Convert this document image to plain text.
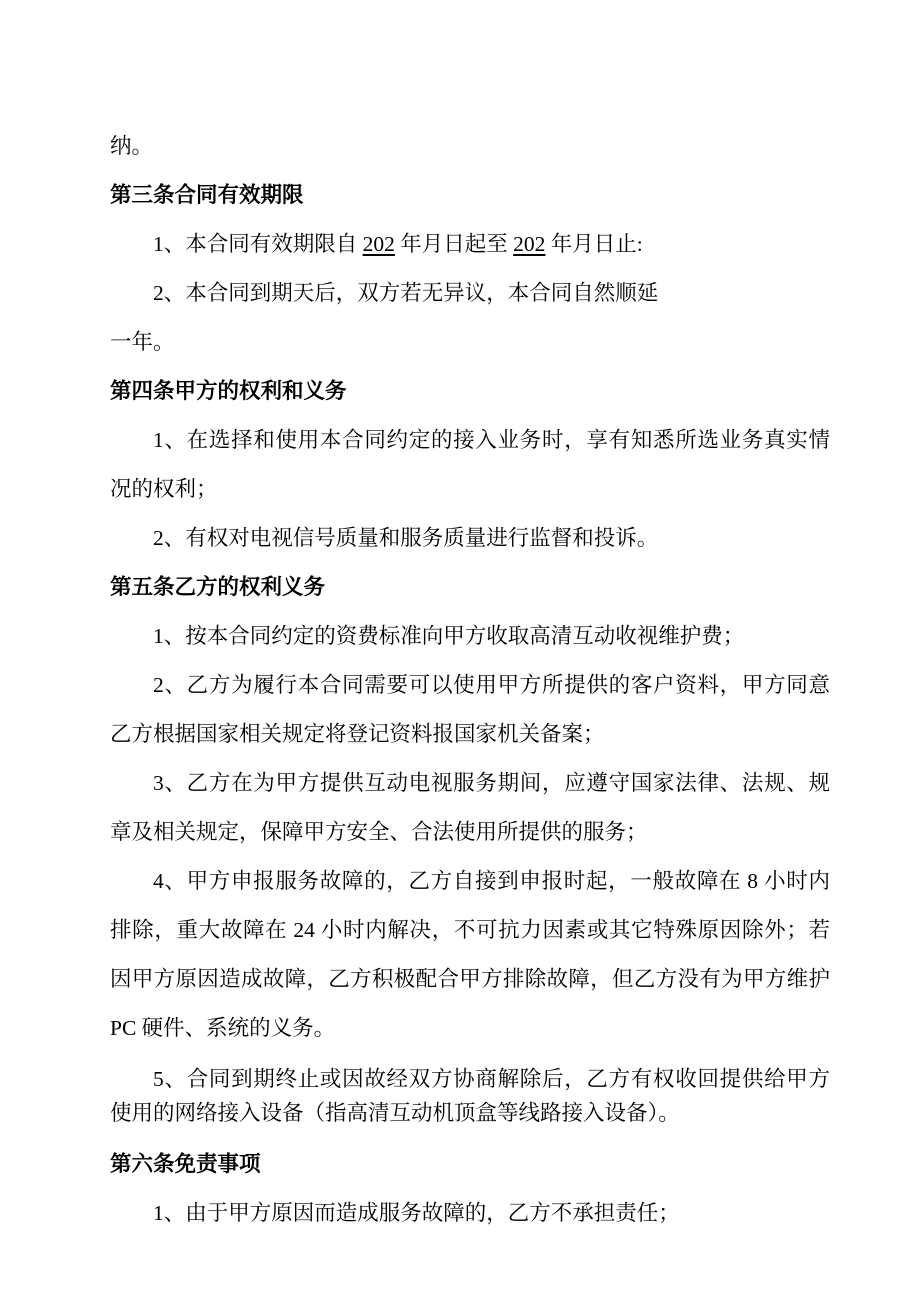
纳。

第三条合同有效期限

1、本合同有效期限自 202 年月日起至 202 年月日止:

2、本合同到期天后，双方若无异议，本合同自然顺延

一年。

第四条甲方的权利和义务

1、在选择和使用本合同约定的接入业务时，享有知悉所选业务真实情况的权利；

2、有权对电视信号质量和服务质量进行监督和投诉。

第五条乙方的权利义务

1、按本合同约定的资费标准向甲方收取高清互动收视维护费；

2、乙方为履行本合同需要可以使用甲方所提供的客户资料，甲方同意乙方根据国家相关规定将登记资料报国家机关备案；

3、乙方在为甲方提供互动电视服务期间，应遵守国家法律、法规、规章及相关规定，保障甲方安全、合法使用所提供的服务；

4、甲方申报服务故障的，乙方自接到申报时起，一般故障在 8 小时内排除，重大故障在 24 小时内解决，不可抗力因素或其它特殊原因除外；若因甲方原因造成故障，乙方积极配合甲方排除故障，但乙方没有为甲方维护 PC 硬件、系统的义务。

5、合同到期终止或因故经双方协商解除后，乙方有权收回提供给甲方使用的网络接入设备（指高清互动机顶盒等线路接入设备）。

第六条免责事项

1、由于甲方原因而造成服务故障的，乙方不承担责任；
